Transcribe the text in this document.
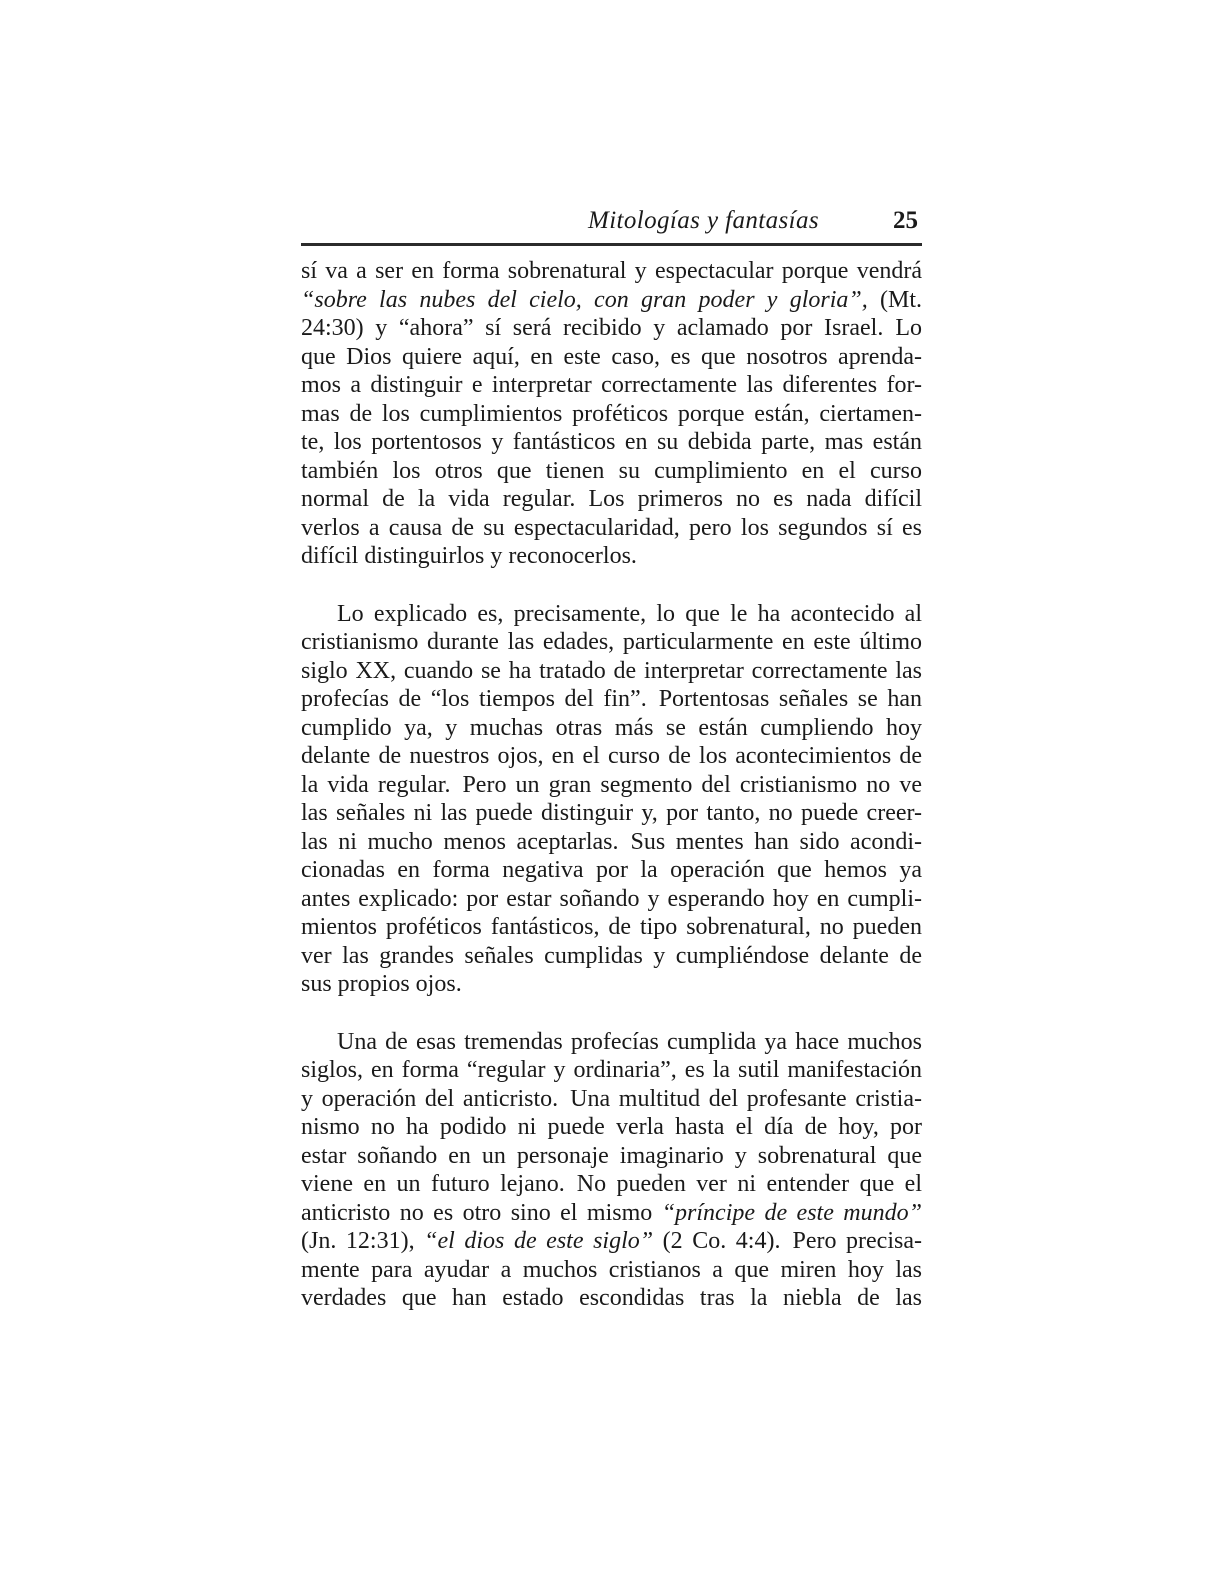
Mitologías y fantasías	25
sí va a ser en forma sobrenatural y espectacular porque vendrá
“sobre las nubes del cielo, con gran poder y gloria”, (Mt.
24:30) y “ahora” sí será recibido y aclamado por Israel. Lo
que Dios quiere aquí, en este caso, es que nosotros aprenda-
mos a distinguir e interpretar correctamente las diferentes for-
mas de los cumplimientos proféticos porque están, ciertamen-
te, los portentosos y fantásticos en su debida parte, mas están
también los otros que tienen su cumplimiento en el curso
normal de la vida regular. Los primeros no es nada difícil
verlos a causa de su espectacularidad, pero los segundos sí es
difícil distinguirlos y reconocerlos.
Lo explicado es, precisamente, lo que le ha acontecido al
cristianismo durante las edades, particularmente en este último
siglo XX, cuando se ha tratado de interpretar correctamente las
profecías de “los tiempos del fin”. Portentosas señales se han
cumplido ya, y muchas otras más se están cumpliendo hoy
delante de nuestros ojos, en el curso de los acontecimientos de
la vida regular. Pero un gran segmento del cristianismo no ve
las señales ni las puede distinguir y, por tanto, no puede creer-
las ni mucho menos aceptarlas. Sus mentes han sido acondi-
cionadas en forma negativa por la operación que hemos ya
antes explicado: por estar soñando y esperando hoy en cumpli-
mientos proféticos fantásticos, de tipo sobrenatural, no pueden
ver las grandes señales cumplidas y cumpliéndose delante de
sus propios ojos.
Una de esas tremendas profecías cumplida ya hace muchos
siglos, en forma “regular y ordinaria”, es la sutil manifestación
y operación del anticristo. Una multitud del profesante cristia-
nismo no ha podido ni puede verla hasta el día de hoy, por
estar soñando en un personaje imaginario y sobrenatural que
viene en un futuro lejano. No pueden ver ni entender que el
anticristo no es otro sino el mismo “príncipe de este mundo”
(Jn. 12:31), “el dios de este siglo” (2 Co. 4:4). Pero precisa-
mente para ayudar a muchos cristianos a que miren hoy las
verdades que han estado escondidas tras la niebla de las
